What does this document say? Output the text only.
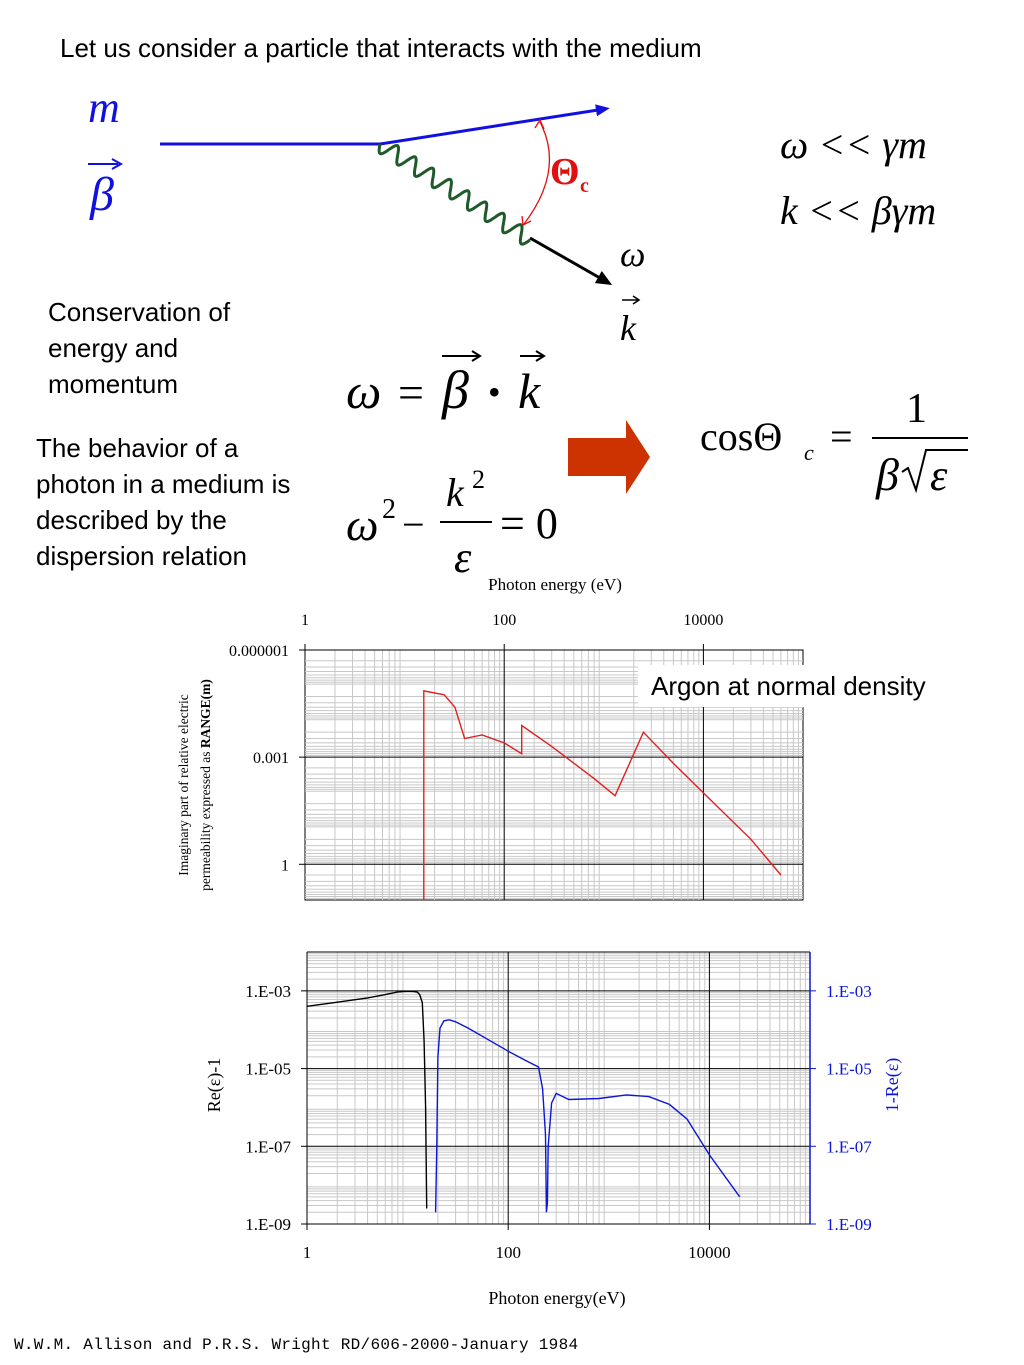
Let us consider a particle that interacts with the medium
Conservation of energy and momentum
The behavior of a photon in a medium is described by the dispersion relation
W.W.M. Allison and P.R.S. Wright RD/606-2000-January 1984
m
β	Θ c
ω
k
ω << γm
k << βγm
ω = β • k
ω 2 −
k 2
ε
= 0
cosΘ c =
1
β ε
Photon energy (eV)
Imaginary part of relative electric permeability expressed as RANGE(m)
1	100	10000
0.000001
0.001
1
Argon at normal density
1	100	10000
1.E-03	1.E-03
1.E-05	1.E-05
1.E-07	1.E-07
1.E-09	1.E-09
Re(ε)-1	1-Re(ε)
Photon energy(eV)
